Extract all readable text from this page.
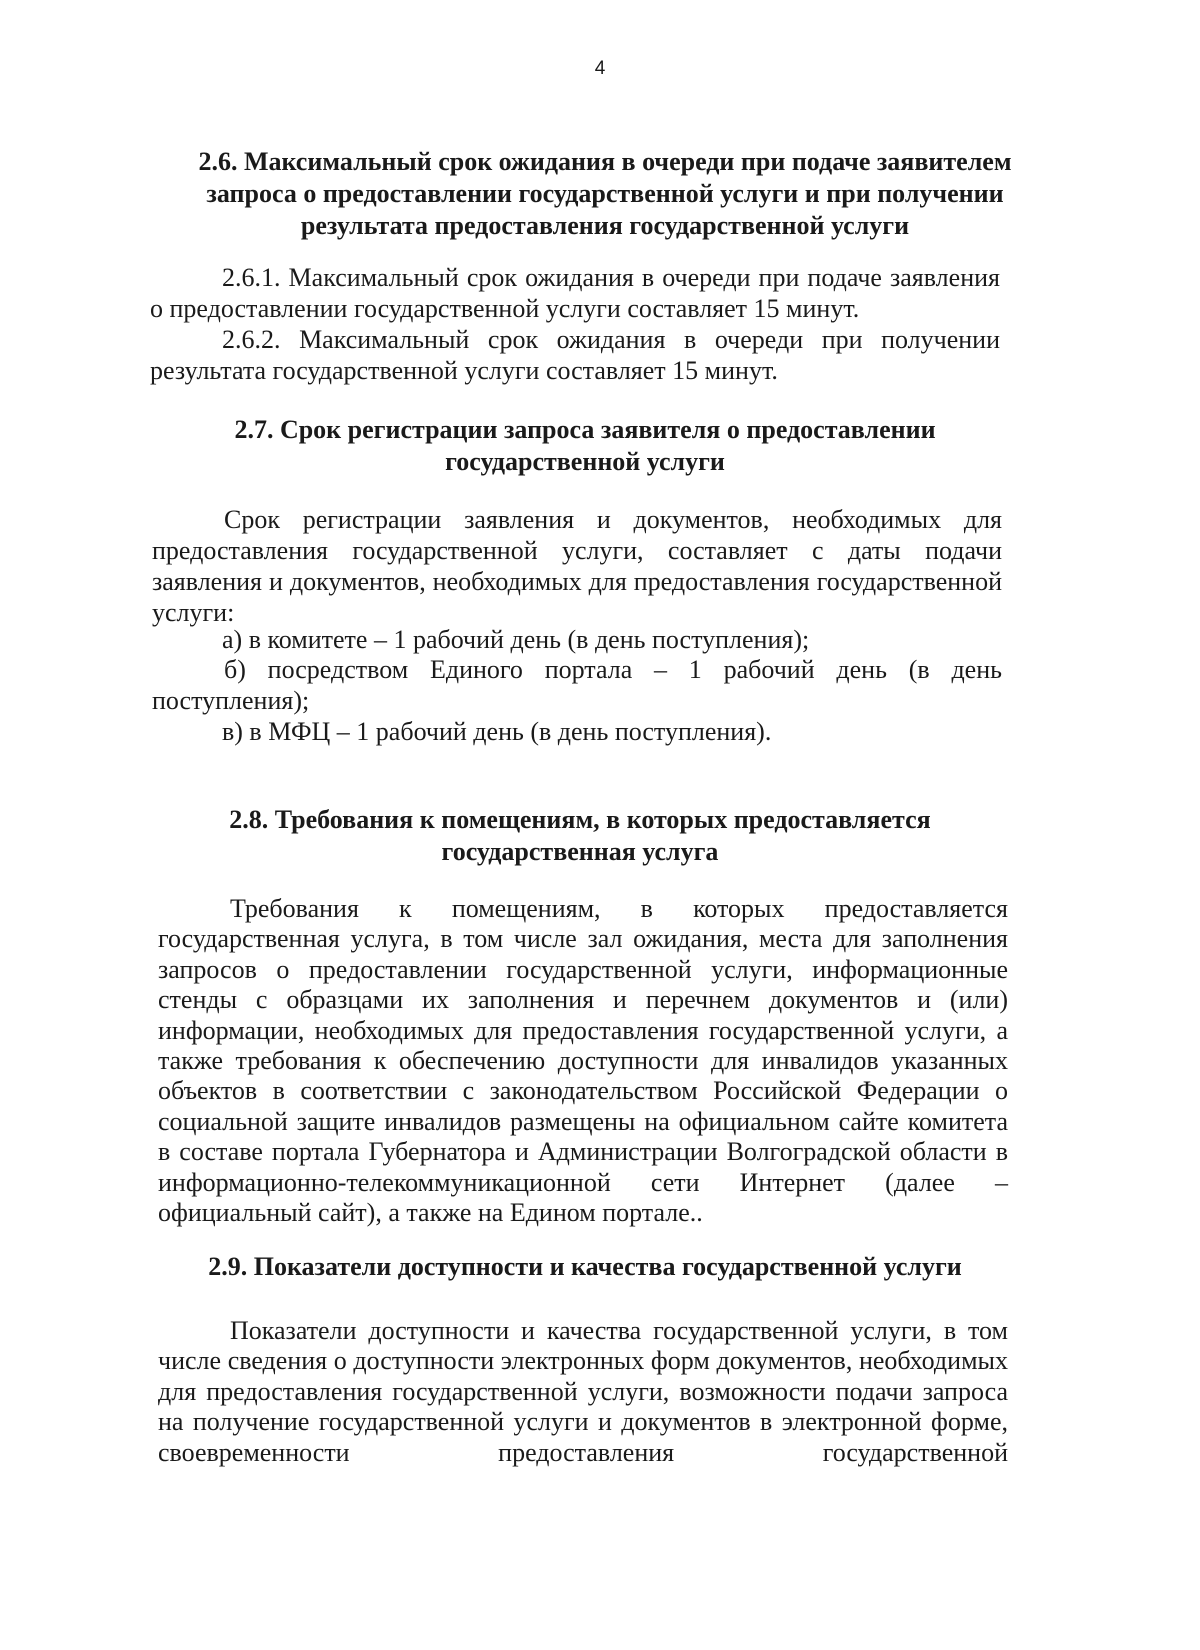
4
2.6. Максимальный срок ожидания в очереди при подаче заявителем запроса о предоставлении государственной услуги и при получении результата предоставления государственной услуги

2.6.1. Максимальный срок ожидания в очереди при подаче заявления о предоставлении государственной услуги составляет 15 минут.

2.6.2. Максимальный срок ожидания в очереди при получении результата государственной услуги составляет 15 минут.

2.7. Срок регистрации запроса заявителя о предоставлении государственной услуги

Срок регистрации заявления и документов, необходимых для предоставления государственной услуги, составляет с даты подачи заявления и документов, необходимых для предоставления государственной услуги:

а) в комитете – 1 рабочий день (в день поступления);

б) посредством Единого портала – 1 рабочий день (в день поступления);

в) в МФЦ – 1 рабочий день (в день поступления).

2.8. Требования к помещениям, в которых предоставляется государственная услуга

Требования к помещениям, в которых предоставляется государственная услуга, в том числе зал ожидания, места для заполнения запросов о предоставлении государственной услуги, информационные стенды с образцами их заполнения и перечнем документов и (или) информации, необходимых для предоставления государственной услуги, а также требования к обеспечению доступности для инвалидов указанных объектов в соответствии с законодательством Российской Федерации о социальной защите инвалидов размещены на официальном сайте комитета в составе портала Губернатора и Администрации Волгоградской области в информационно-телекоммуникационной сети Интернет (далее – официальный сайт), а также на Едином портале..

2.9. Показатели доступности и качества государственной услуги

Показатели доступности и качества государственной услуги, в том числе сведения о доступности электронных форм документов, необходимых для предоставления государственной услуги, возможности подачи запроса на получение государственной услуги и документов в электронной форме, своевременности предоставления государственной
